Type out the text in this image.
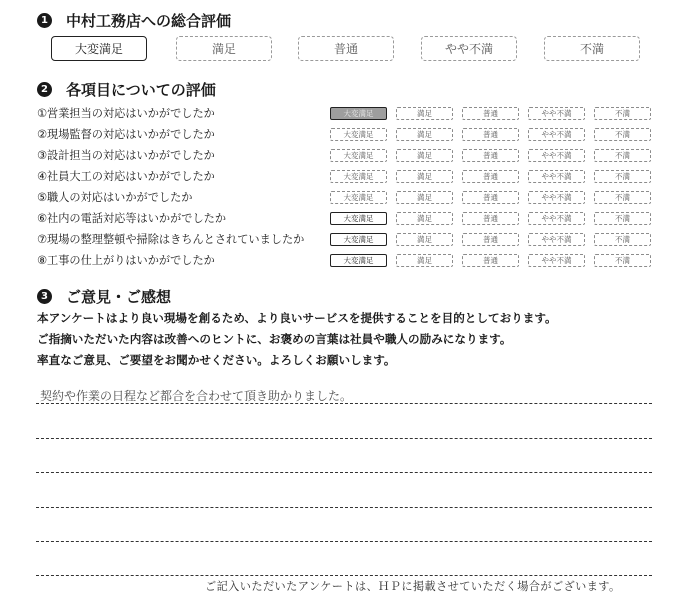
1 中村工務店への総合評価
大変満足	満足	普通	やや不満	不満
2 各項目についての評価
①営業担当の対応はいかがでしたか	大変満足	満足	普通	やや不満	不満
②現場監督の対応はいかがでしたか	大変満足	満足	普通	やや不満	不満
③設計担当の対応はいかがでしたか	大変満足	満足	普通	やや不満	不満
④社員大工の対応はいかがでしたか	大変満足	満足	普通	やや不満	不満
⑤職人の対応はいかがでしたか	大変満足	満足	普通	やや不満	不満
⑥社内の電話対応等はいかがでしたか	大変満足	満足	普通	やや不満	不満
⑦現場の整理整頓や掃除はきちんとされていましたか	大変満足	満足	普通	やや不満	不満
⑧工事の仕上がりはいかがでしたか	大変満足	満足	普通	やや不満	不満
3 ご意見・ご感想
本アンケートはより良い現場を創るため、より良いサービスを提供することを目的としております。
ご指摘いただいた内容は改善へのヒントに、お褒めの言葉は社員や職人の励みになります。
率直なご意見、ご要望をお聞かせください。よろしくお願いします。
契約や作業の日程など都合を合わせて頂き助かりました。
ご記入いただいたアンケートは、ＨＰに掲載させていただく場合がございます。
